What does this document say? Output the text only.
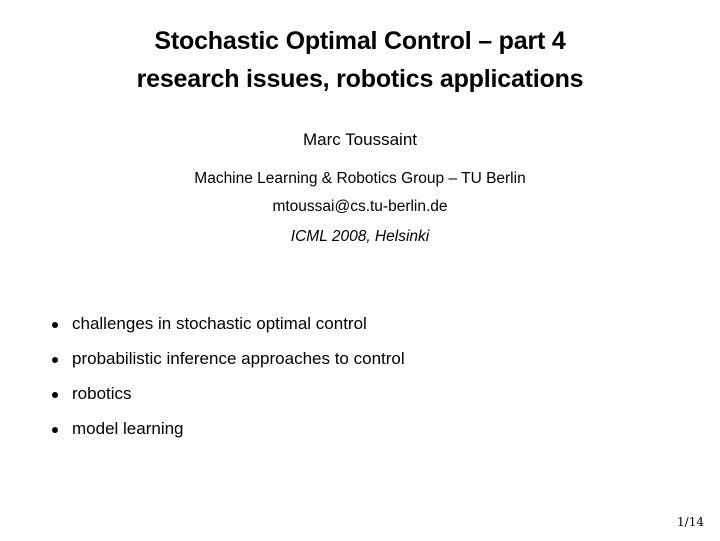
Stochastic Optimal Control – part 4
research issues, robotics applications
Marc Toussaint
Machine Learning & Robotics Group – TU Berlin
mtoussai@cs.tu-berlin.de
ICML 2008, Helsinki
challenges in stochastic optimal control
probabilistic inference approaches to control
robotics
model learning
1/14
